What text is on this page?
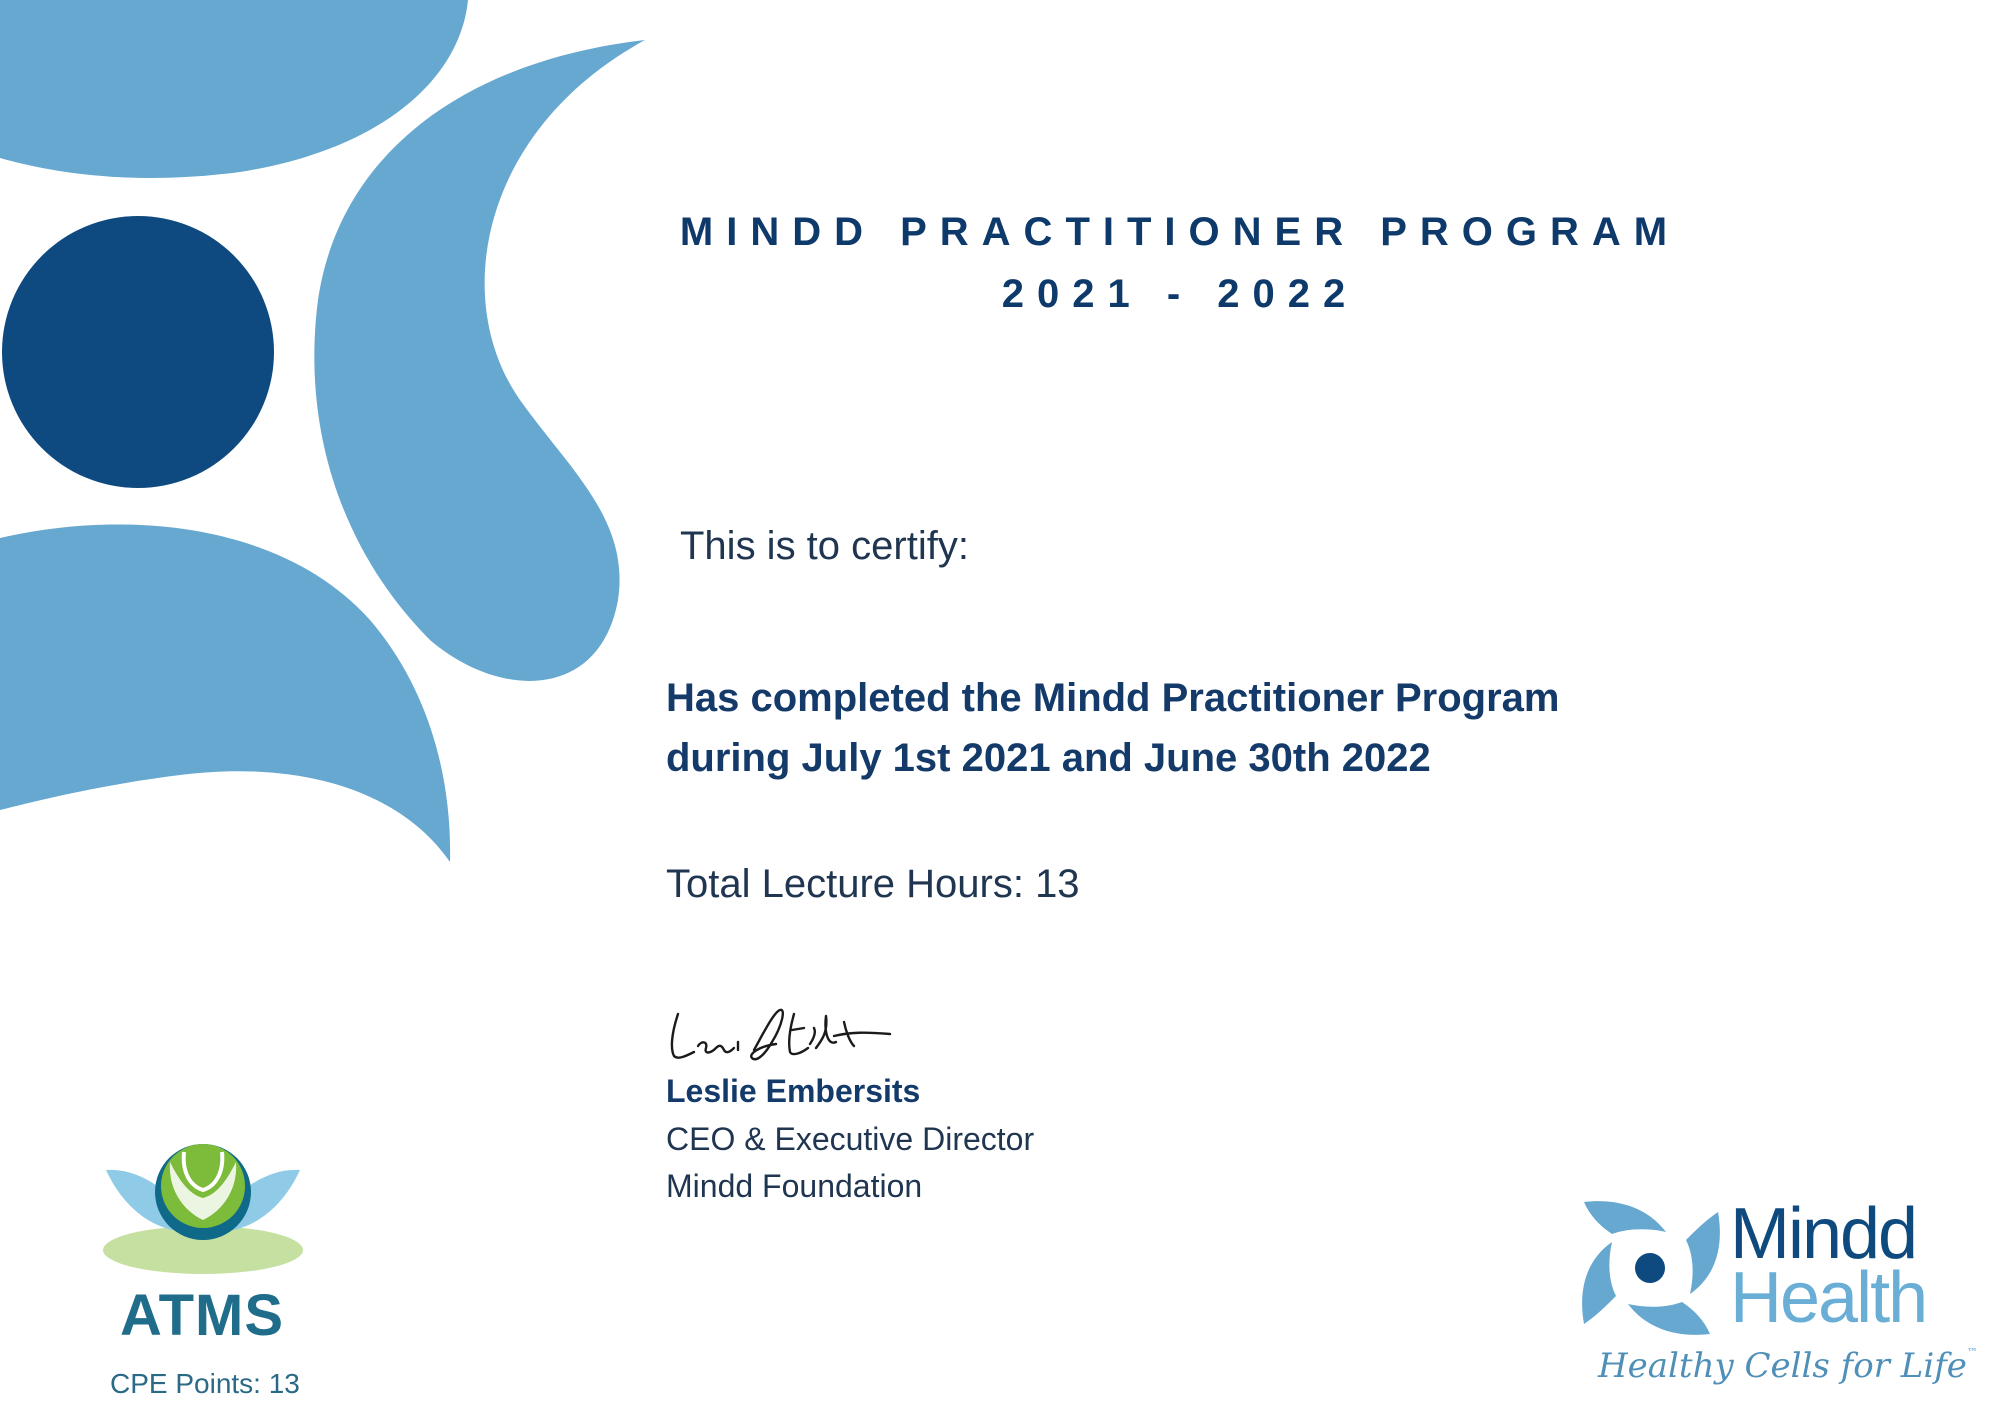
MINDD PRACTITIONER PROGRAM
2021 - 2022
This is to certify:
Has completed the Mindd Practitioner Program
during July 1st 2021 and June 30th 2022
Total Lecture Hours: 13
Leslie Embersits
CEO & Executive Director
Mindd Foundation
ATMS
CPE Points: 13
Mindd
Health
Healthy Cells for Life™
